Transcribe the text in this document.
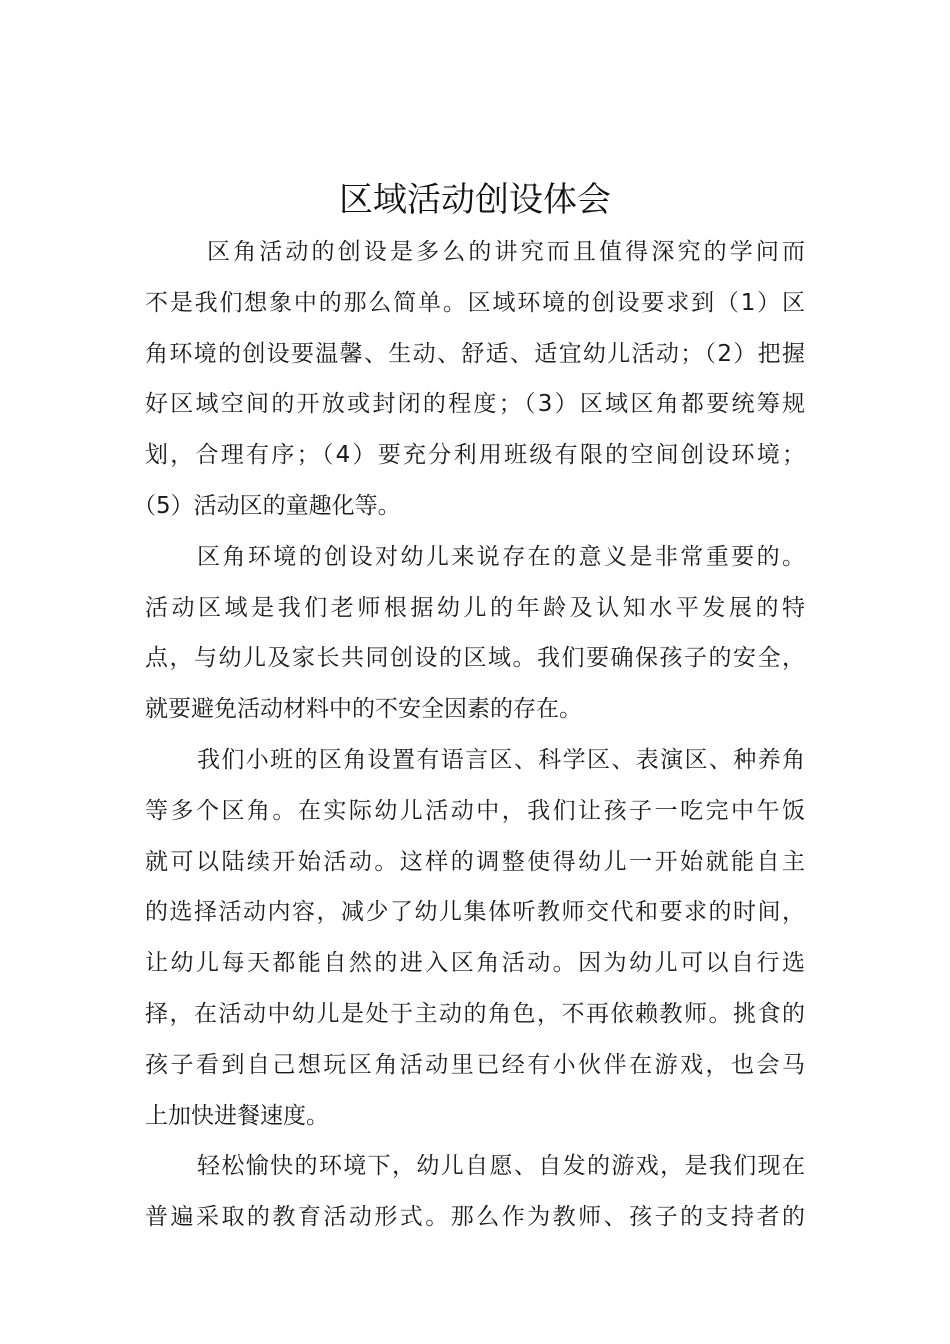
区域活动创设体会
区角活动的创设是多么的讲究而且值得深究的学问而
不是我们想象中的那么简单。区域环境的创设要求到（1）区
角环境的创设要温馨、生动、舒适、适宜幼儿活动；（2）把握
好区域空间的开放或封闭的程度；（3）区域区角都要统筹规
划，合理有序；（4）要充分利用班级有限的空间创设环境；
（5）活动区的童趣化等。
区角环境的创设对幼儿来说存在的意义是非常重要的。
活动区域是我们老师根据幼儿的年龄及认知水平发展的特
点，与幼儿及家长共同创设的区域。我们要确保孩子的安全，
就要避免活动材料中的不安全因素的存在。
我们小班的区角设置有语言区、科学区、表演区、种养角
等多个区角。在实际幼儿活动中，我们让孩子一吃完中午饭
就可以陆续开始活动。这样的调整使得幼儿一开始就能自主
的选择活动内容，减少了幼儿集体听教师交代和要求的时间，
让幼儿每天都能自然的进入区角活动。因为幼儿可以自行选
择，在活动中幼儿是处于主动的角色，不再依赖教师。挑食的
孩子看到自己想玩区角活动里已经有小伙伴在游戏，也会马
上加快进餐速度。
轻松愉快的环境下，幼儿自愿、自发的游戏，是我们现在
普遍采取的教育活动形式。那么作为教师、孩子的支持者的
